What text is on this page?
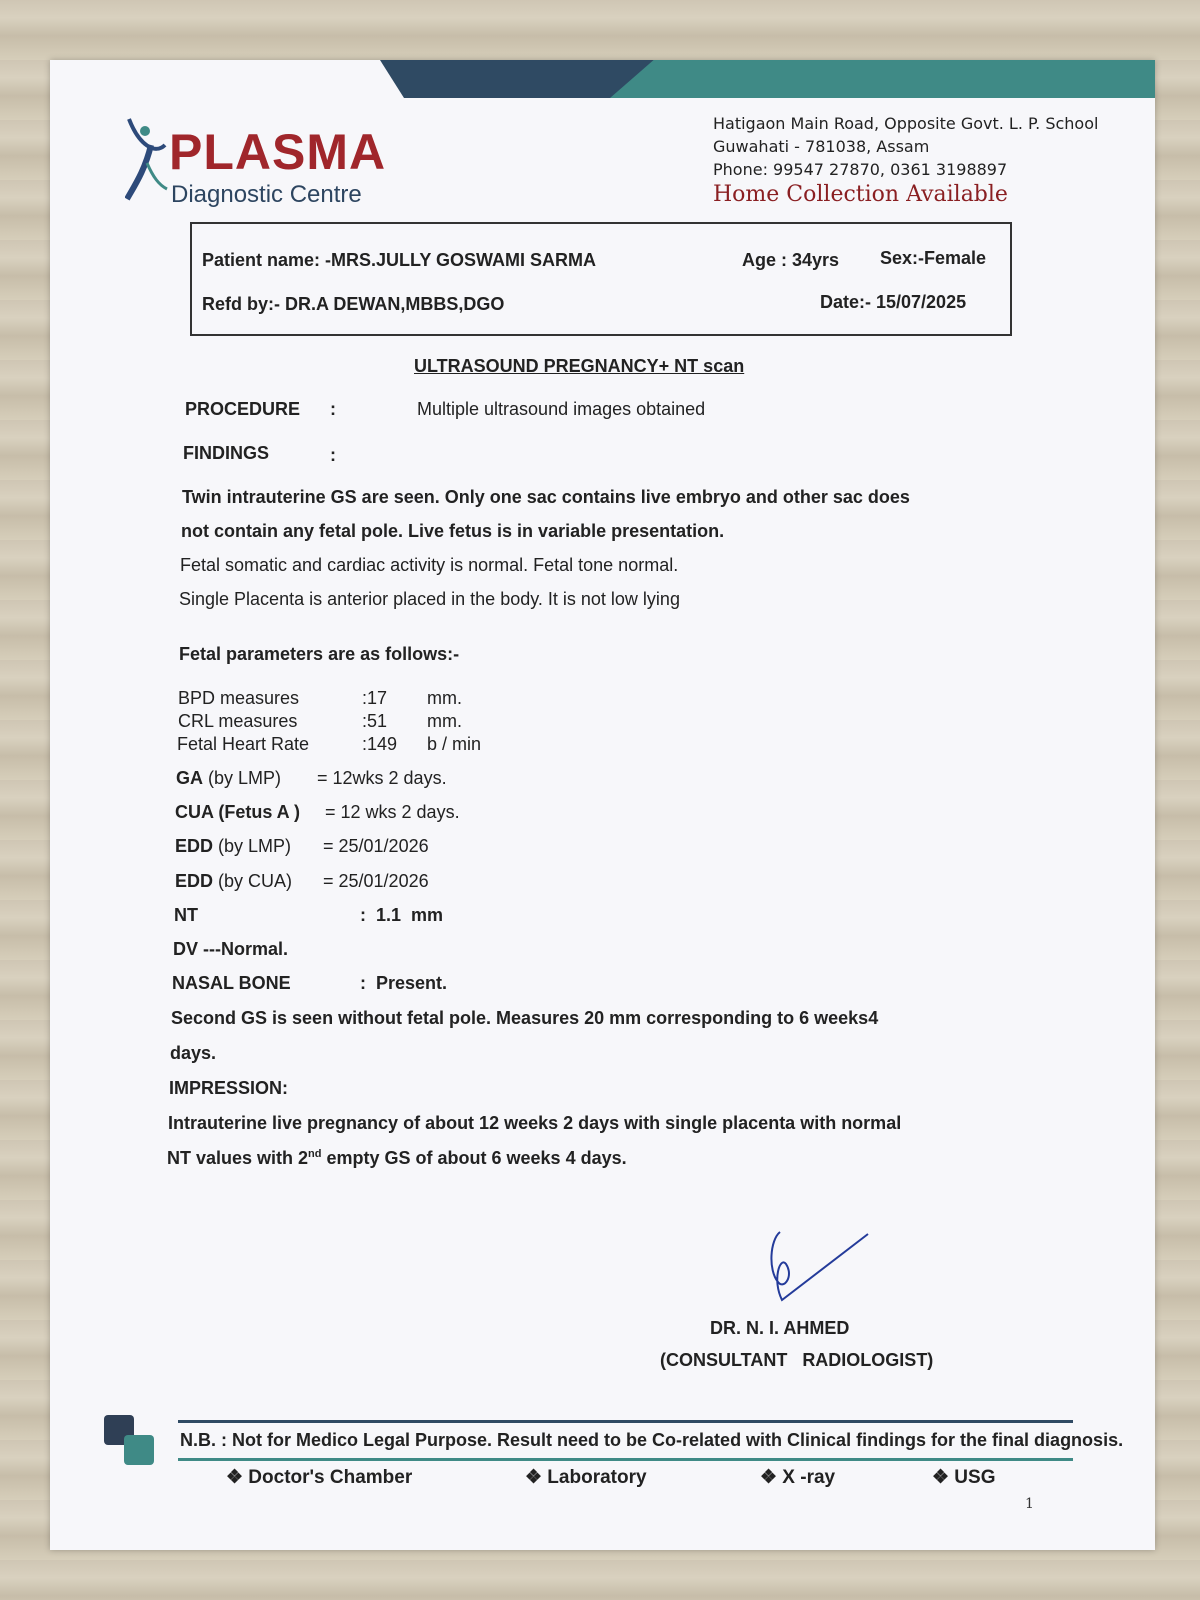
PLASMA
Diagnostic Centre
Hatigaon Main Road, Opposite Govt. L. P. School
Guwahati - 781038, Assam
Phone: 99547 27870, 0361 3198897
Home Collection Available
Patient name: -MRS.JULLY GOSWAMI SARMA	Age : 34yrs Sex:-Female
Refd by:- DR.A DEWAN,MBBS,DGO	Date:- 15/07/2025
ULTRASOUND PREGNANCY+ NT scan
PROCEDURE :	Multiple ultrasound images obtained
FINDINGS	:
Twin intrauterine GS are seen. Only one sac contains live embryo and other sac does
not contain any fetal pole. Live fetus is in variable presentation.
Fetal somatic and cardiac activity is normal. Fetal tone normal.
Single Placenta is anterior placed in the body. It is not low lying
Fetal parameters are as follows:-
BPD measures	:17 mm.
CRL measures	:51 mm.
Fetal Heart Rate	:149 b / min
GA (by LMP) = 12wks 2 days.
CUA (Fetus A ) = 12 wks 2 days.
EDD (by LMP) = 25/01/2026
EDD (by CUA) = 25/01/2026
NT	:  1.1  mm
DV ---Normal.
NASAL BONE	:  Present.
Second GS is seen without fetal pole. Measures 20 mm corresponding to 6 weeks4
days.
IMPRESSION:
Intrauterine live pregnancy of about 12 weeks 2 days with single placenta with normal
NT values with 2nd empty GS of about 6 weeks 4 days.
DR. N. I. AHMED
(CONSULTANT   RADIOLOGIST)
N.B. : Not for Medico Legal Purpose. Result need to be Co-related with Clinical findings for the final diagnosis.
❖ Doctor's Chamber	❖ Laboratory	❖ X -ray	❖ USG
1
